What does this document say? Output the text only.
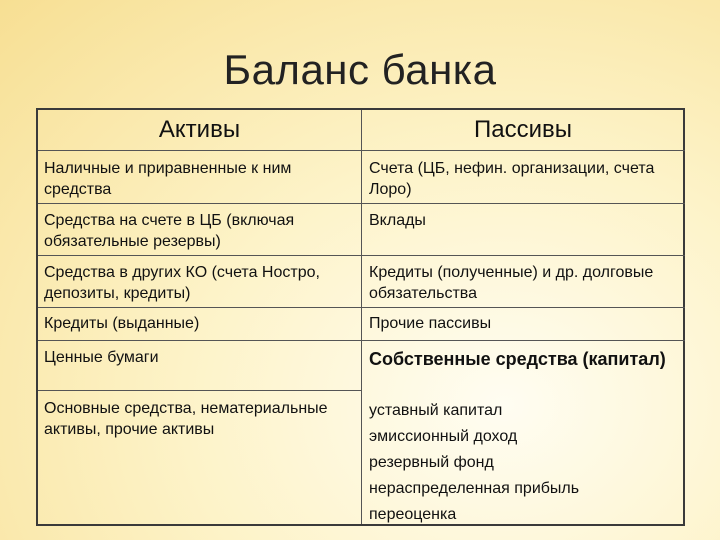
Баланс банка
Активы	Пассивы
Наличные и приравненные к ним средства
Средства на счете в ЦБ (включая обязательные резервы)
Средства в других КО (счета Ностро, депозиты, кредиты)
Кредиты (выданные)
Ценные бумаги
Основные средства, нематериальные активы, прочие активы
Счета (ЦБ, нефин. организации, счета Лоро)
Вклады
Кредиты (полученные) и др. долговые обязательства
Прочие пассивы
Собственные средства (капитал)
уставный капитал
эмиссионный доход
резервный фонд
нераспределенная прибыль
переоценка
